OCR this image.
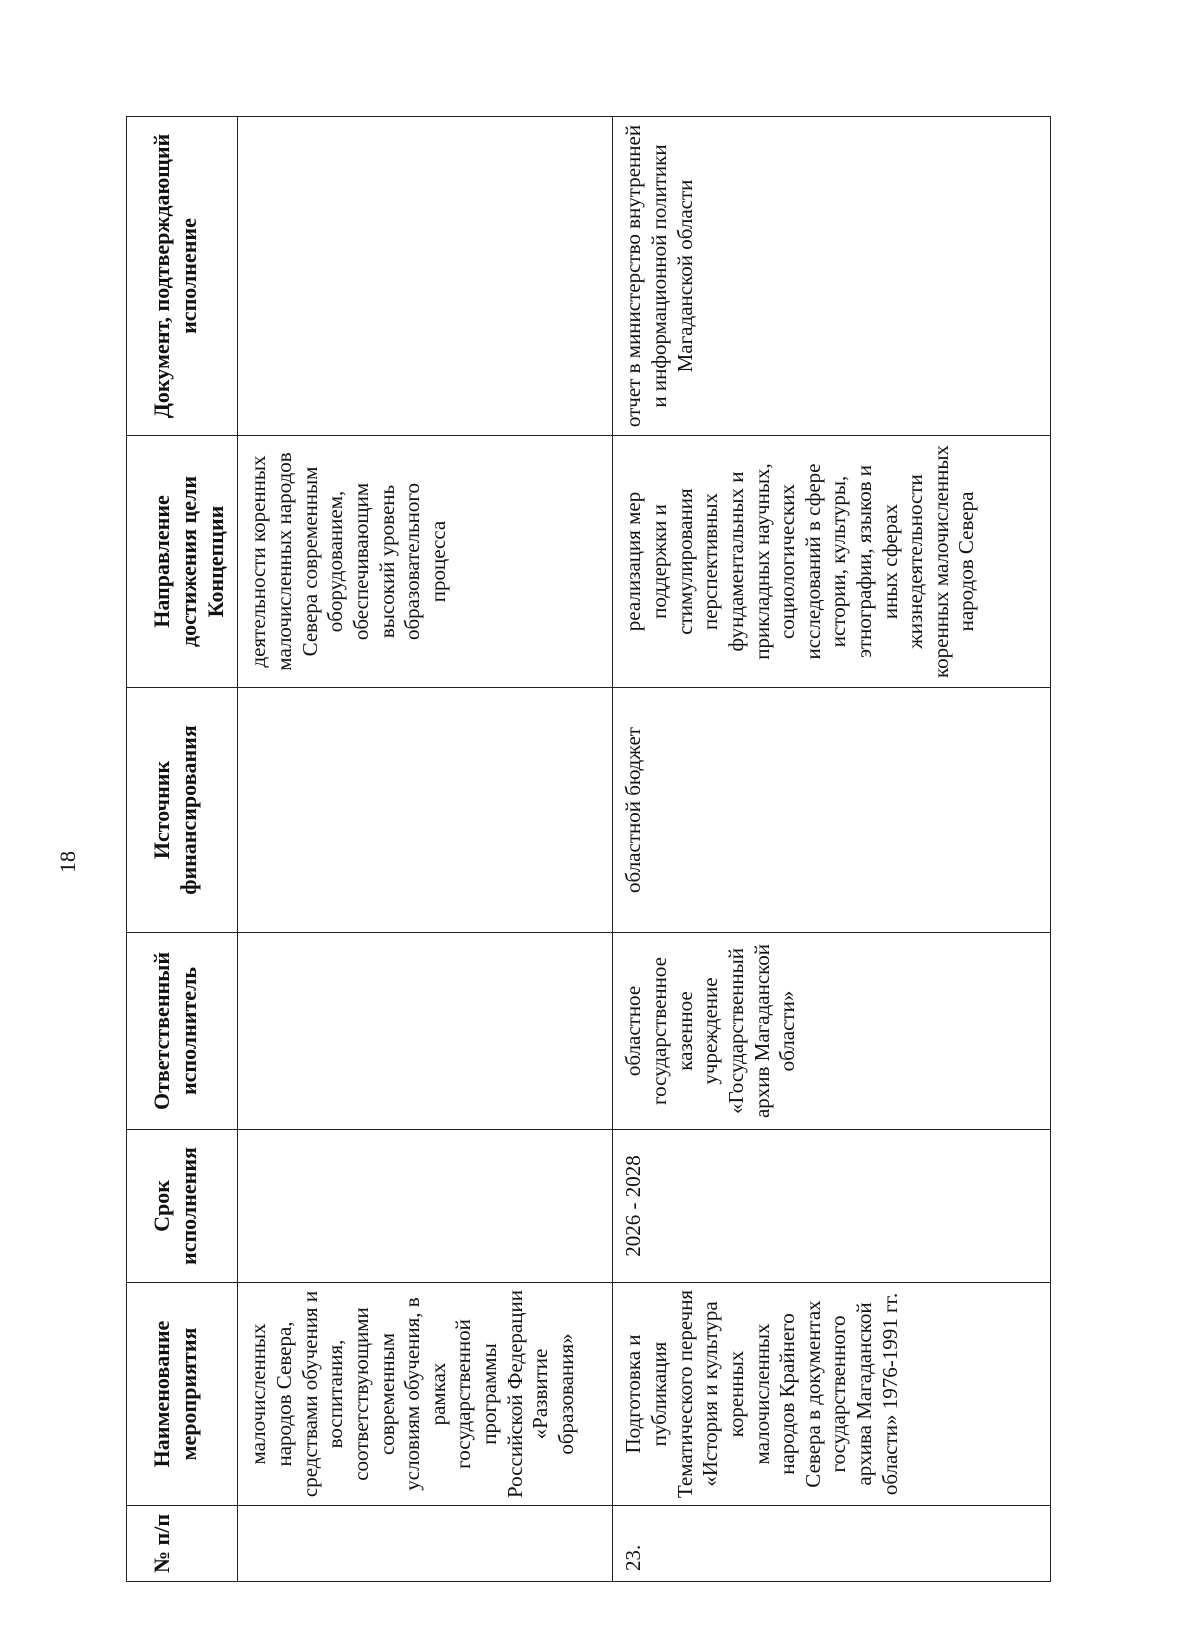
18
№ п/п	Наименование мероприятия	Срок исполнения	Ответственный исполнитель	Источник финансирования	Направление достижения цели Концепции	Документ, подтверждающий исполнение
	малочисленных народов Севера, средствами обучения и воспитания, соответствующими современным условиям обучения, в рамках государственной программы Российской Федерации «Развитие образования»				деятельности коренных малочисленных народов Севера современным оборудованием, обеспечивающим высокий уровень образовательного процесса	
23.	Подготовка и публикация Тематического перечня «История и культура коренных малочисленных народов Крайнего Севера в документах государственного архива Магаданской области» 1976-1991 гг.	2026 - 2028	областное государственное казенное учреждение «Государственный архив Магаданской области»	областной бюджет	реализация мер поддержки и стимулирования перспективных фундаментальных и прикладных научных, социологических исследований в сфере истории, культуры, этнографии, языков и иных сферах жизнедеятельности коренных малочисленных народов Севера	отчет в министерство внутренней и информационной политики Магаданской области
